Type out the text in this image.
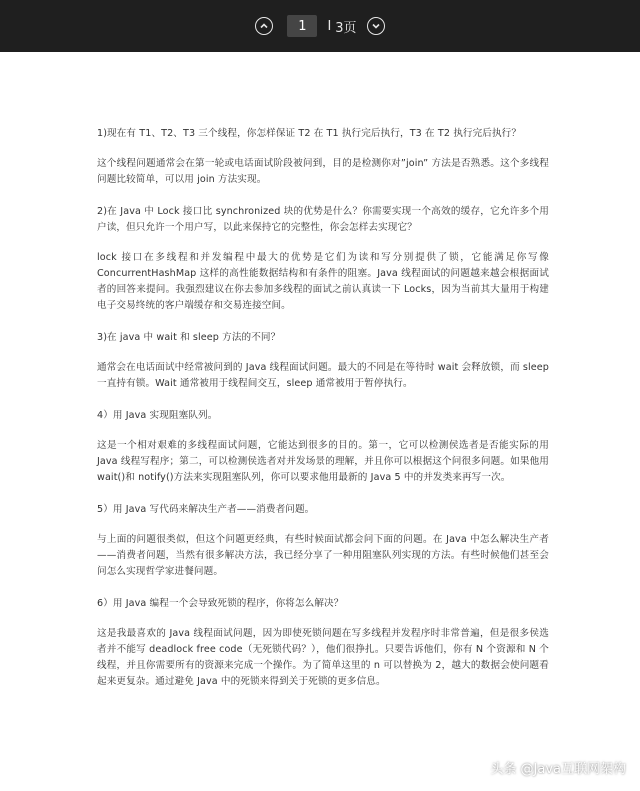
1	I 3页

1)现在有 T1、T2、T3 三个线程，你怎样保证 T2 在 T1 执行完后执行，T3 在 T2 执行完后执行？

这个线程问题通常会在第一轮或电话面试阶段被问到，目的是检测你对”join” 方法是否熟悉。这个多线程问题比较简单，可以用 join 方法实现。

2)在 Java 中 Lock 接口比 synchronized 块的优势是什么？你需要实现一个高效的缓存，它允许多个用户读，但只允许一个用户写，以此来保持它的完整性，你会怎样去实现它？

lock 接口在多线程和并发编程中最大的优势是它们为读和写分别提供了锁，它能满足你写像 ConcurrentHashMap 这样的高性能数据结构和有条件的阻塞。Java 线程面试的问题越来越会根据面试者的回答来提问。我强烈建议在你去参加多线程的面试之前认真读一下 Locks，因为当前其大量用于构建电子交易终统的客户端缓存和交易连接空间。

3)在 java 中 wait 和 sleep 方法的不同？

通常会在电话面试中经常被问到的 Java 线程面试问题。最大的不同是在等待时 wait 会释放锁，而 sleep 一直持有锁。Wait 通常被用于线程间交互，sleep 通常被用于暂停执行。

4）用 Java 实现阻塞队列。

这是一个相对艰难的多线程面试问题，它能达到很多的目的。第一，它可以检测侯选者是否能实际的用 Java 线程写程序；第二，可以检测侯选者对并发场景的理解，并且你可以根据这个问很多问题。如果他用 wait()和 notify()方法来实现阻塞队列，你可以要求他用最新的 Java 5 中的并发类来再写一次。

5）用 Java 写代码来解决生产者——消费者问题。

与上面的问题很类似，但这个问题更经典，有些时候面试都会问下面的问题。在 Java 中怎么解决生产者——消费者问题，当然有很多解决方法，我已经分享了一种用阻塞队列实现的方法。有些时候他们甚至会问怎么实现哲学家进餐问题。

6）用 Java 编程一个会导致死锁的程序，你将怎么解决？

这是我最喜欢的 Java 线程面试问题，因为即使死锁问题在写多线程并发程序时非常普遍，但是很多侯选者并不能写 deadlock free code（无死锁代码？），他们很挣扎。只要告诉他们，你有 N 个资源和 N 个线程，并且你需要所有的资源来完成一个操作。为了简单这里的 n 可以替换为 2，越大的数据会使问题看起来更复杂。通过避免 Java 中的死锁来得到关于死锁的更多信息。

头条 @Java互联网架构
